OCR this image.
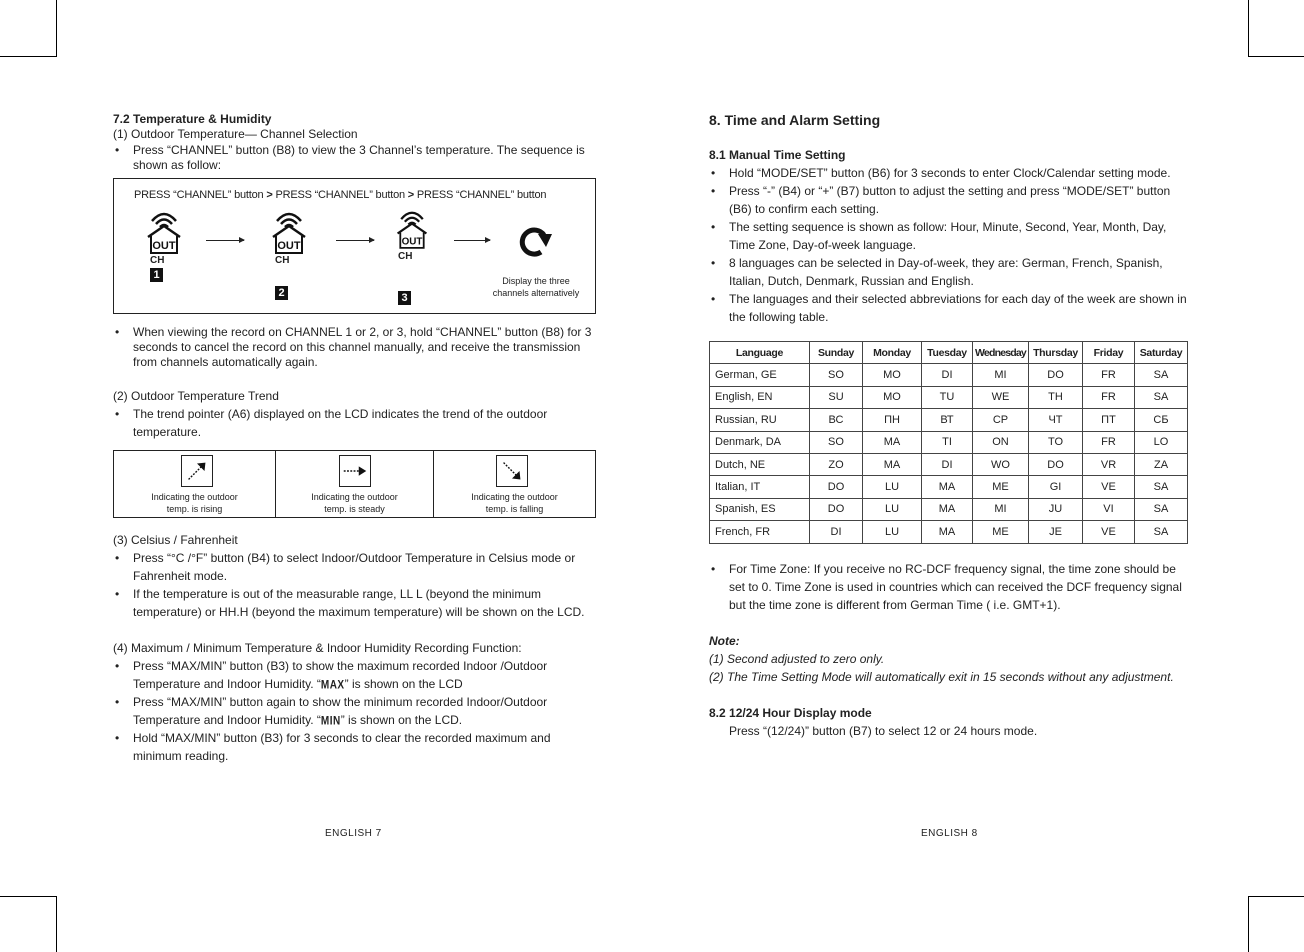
7.2 Temperature & Humidity
(1) Outdoor Temperature— Channel Selection
• Press “CHANNEL” button (B8) to view the 3 Channel’s temperature. The sequence is
shown as follow:
PRESS “CHANNEL” button > PRESS “CHANNEL” button > PRESS “CHANNEL” button
OUT
CH
1
OUT
CH
2
OUT
CH
3
Display the three
channels alternatively
• When viewing the record on CHANNEL 1 or 2, or 3, hold “CHANNEL” button (B8) for 3
seconds to cancel the record on this channel manually, and receive the transmission
from channels automatically again.
(2) Outdoor Temperature Trend
• The trend pointer (A6) displayed on the LCD indicates the trend of the outdoor
temperature.
Indicating the outdoor
temp. is rising
Indicating the outdoor
temp. is steady
Indicating the outdoor
temp. is falling
(3) Celsius / Fahrenheit
• Press “°C /°F” button (B4) to select Indoor/Outdoor Temperature in Celsius mode or
Fahrenheit mode.
• If the temperature is out of the measurable range, LL L (beyond the minimum
temperature) or HH.H (beyond the maximum temperature) will be shown on the LCD.
(4) Maximum / Minimum Temperature & Indoor Humidity Recording Function:
• Press “MAX/MIN” button (B3) to show the maximum recorded Indoor /Outdoor
Temperature and Indoor Humidity. “MAX” is shown on the LCD
• Press “MAX/MIN” button again to show the minimum recorded Indoor/Outdoor
Temperature and Indoor Humidity. “MIN” is shown on the LCD.
• Hold “MAX/MIN” button (B3) for 3 seconds to clear the recorded maximum and
minimum reading.
ENGLISH 7
8. Time and Alarm Setting
8.1 Manual Time Setting
• Hold “MODE/SET” button (B6) for 3 seconds to enter Clock/Calendar setting mode.
• Press “-” (B4) or “+” (B7) button to adjust the setting and press “MODE/SET” button
(B6) to confirm each setting.
• The setting sequence is shown as follow: Hour, Minute, Second, Year, Month, Day,
Time Zone, Day-of-week language.
• 8 languages can be selected in Day-of-week, they are: German, French, Spanish,
Italian, Dutch, Denmark, Russian and English.
• The languages and their selected abbreviations for each day of the week are shown in
the following table.
Language	Sunday	Monday	Tuesday	Wednesday	Thursday	Friday	Saturday
German, GE	SO	MO	DI	MI	DO	FR	SA
English, EN	SU	MO	TU	WE	TH	FR	SA
Russian, RU	ВС	ПН	ВТ	СР	ЧТ	ПТ	СБ
Denmark, DA	SO	MA	TI	ON	TO	FR	LO
Dutch, NE	ZO	MA	DI	WO	DO	VR	ZA
Italian, IT	DO	LU	MA	ME	GI	VE	SA
Spanish, ES	DO	LU	MA	MI	JU	VI	SA
French, FR	DI	LU	MA	ME	JE	VE	SA
• For Time Zone: If you receive no RC-DCF frequency signal, the time zone should be
set to 0. Time Zone is used in countries which can received the DCF frequency signal
but the time zone is different from German Time ( i.e. GMT+1).
Note:
(1) Second adjusted to zero only.
(2) The Time Setting Mode will automatically exit in 15 seconds without any adjustment.
8.2 12/24 Hour Display mode
Press “(12/24)” button (B7) to select 12 or 24 hours mode.
ENGLISH 8
